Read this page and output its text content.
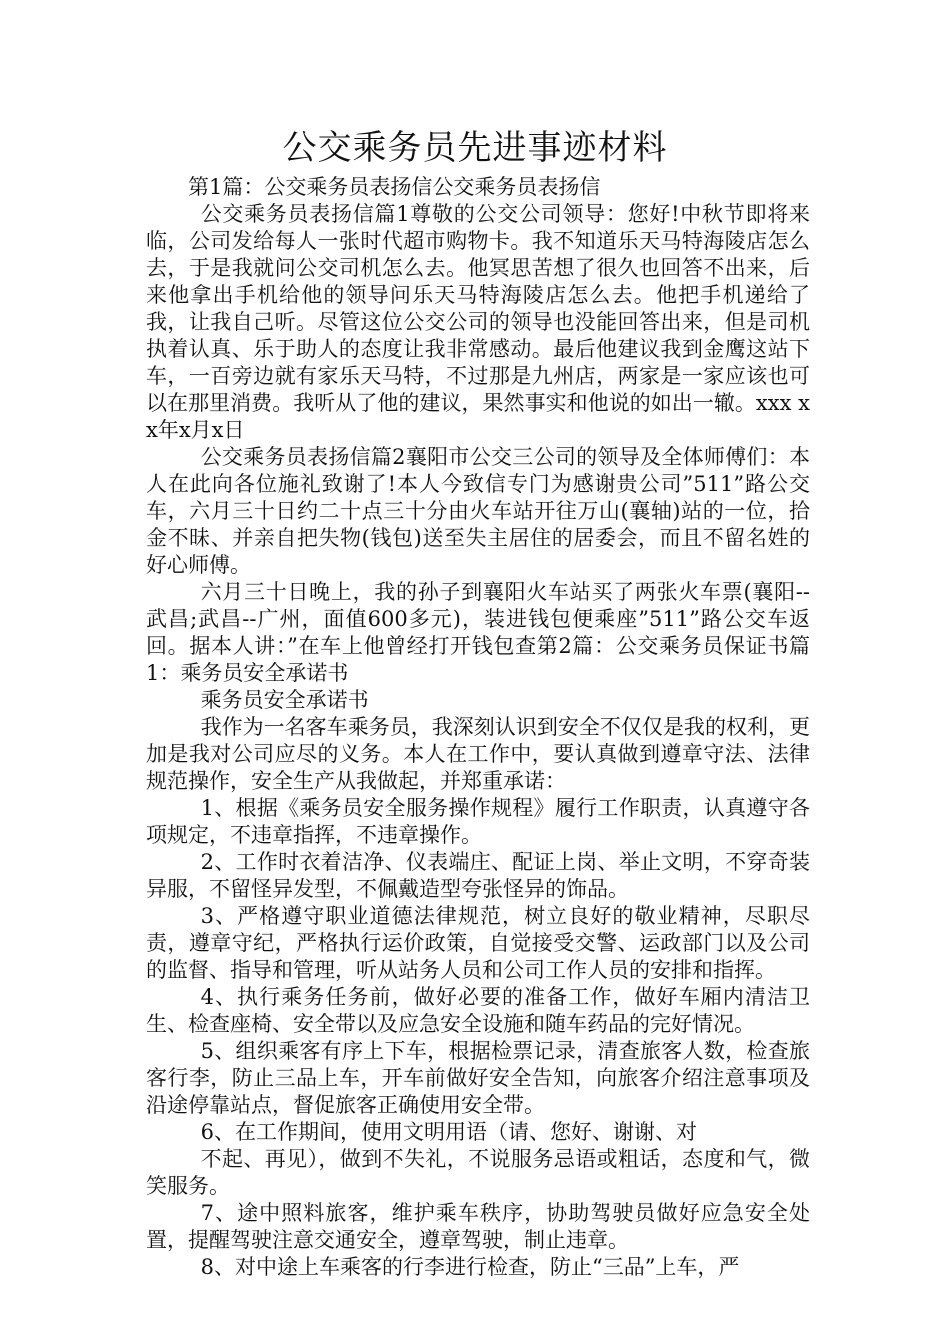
公交乘务员先进事迹材料

第1篇：公交乘务员表扬信公交乘务员表扬信

公交乘务员表扬信篇1尊敬的公交公司领导：您好!中秋节即将来临，公司发给每人一张时代超市购物卡。我不知道乐天马特海陵店怎么去，于是我就问公交司机怎么去。他冥思苦想了很久也回答不出来，后来他拿出手机给他的领导问乐天马特海陵店怎么去。他把手机递给了我，让我自己听。尽管这位公交公司的领导也没能回答出来，但是司机执着认真、乐于助人的态度让我非常感动。最后他建议我到金鹰这站下车，一百旁边就有家乐天马特，不过那是九州店，两家是一家应该也可以在那里消费。我听从了他的建议，果然事实和他说的如出一辙。xxx xx年x月x日

公交乘务员表扬信篇2襄阳市公交三公司的领导及全体师傅们：本人在此向各位施礼致谢了!本人今致信专门为感谢贵公司”511”路公交车，六月三十日约二十点三十分由火车站开往万山(襄轴)站的一位，拾金不昧、并亲自把失物(钱包)送至失主居住的居委会，而且不留名姓的好心师傅。

六月三十日晚上，我的孙子到襄阳火车站买了两张火车票(襄阳--武昌;武昌--广州，面值600多元)，装进钱包便乘座”511”路公交车返回。据本人讲：”在车上他曾经打开钱包查第2篇：公交乘务员保证书篇1：乘务员安全承诺书

乘务员安全承诺书

我作为一名客车乘务员，我深刻认识到安全不仅仅是我的权利，更加是我对公司应尽的义务。本人在工作中，要认真做到遵章守法、法律规范操作，安全生产从我做起，并郑重承诺：

1、根据《乘务员安全服务操作规程》履行工作职责，认真遵守各项规定，不违章指挥，不违章操作。

2、工作时衣着洁净、仪表端庄、配证上岗、举止文明，不穿奇装异服，不留怪异发型，不佩戴造型夸张怪异的饰品。

3、严格遵守职业道德法律规范，树立良好的敬业精神，尽职尽责，遵章守纪，严格执行运价政策，自觉接受交警、运政部门以及公司的监督、指导和管理，听从站务人员和公司工作人员的安排和指挥。

4、执行乘务任务前，做好必要的准备工作，做好车厢内清洁卫生、检查座椅、安全带以及应急安全设施和随车药品的完好情况。

5、组织乘客有序上下车，根据检票记录，清查旅客人数，检查旅客行李，防止三品上车，开车前做好安全告知，向旅客介绍注意事项及沿途停靠站点，督促旅客正确使用安全带。

6、在工作期间，使用文明用语（请、您好、谢谢、对

不起、再见），做到不失礼，不说服务忌语或粗话，态度和气，微笑服务。

7、途中照料旅客，维护乘车秩序，协助驾驶员做好应急安全处置，提醒驾驶注意交通安全，遵章驾驶，制止违章。

8、对中途上车乘客的行李进行检查，防止“三品”上车，严
